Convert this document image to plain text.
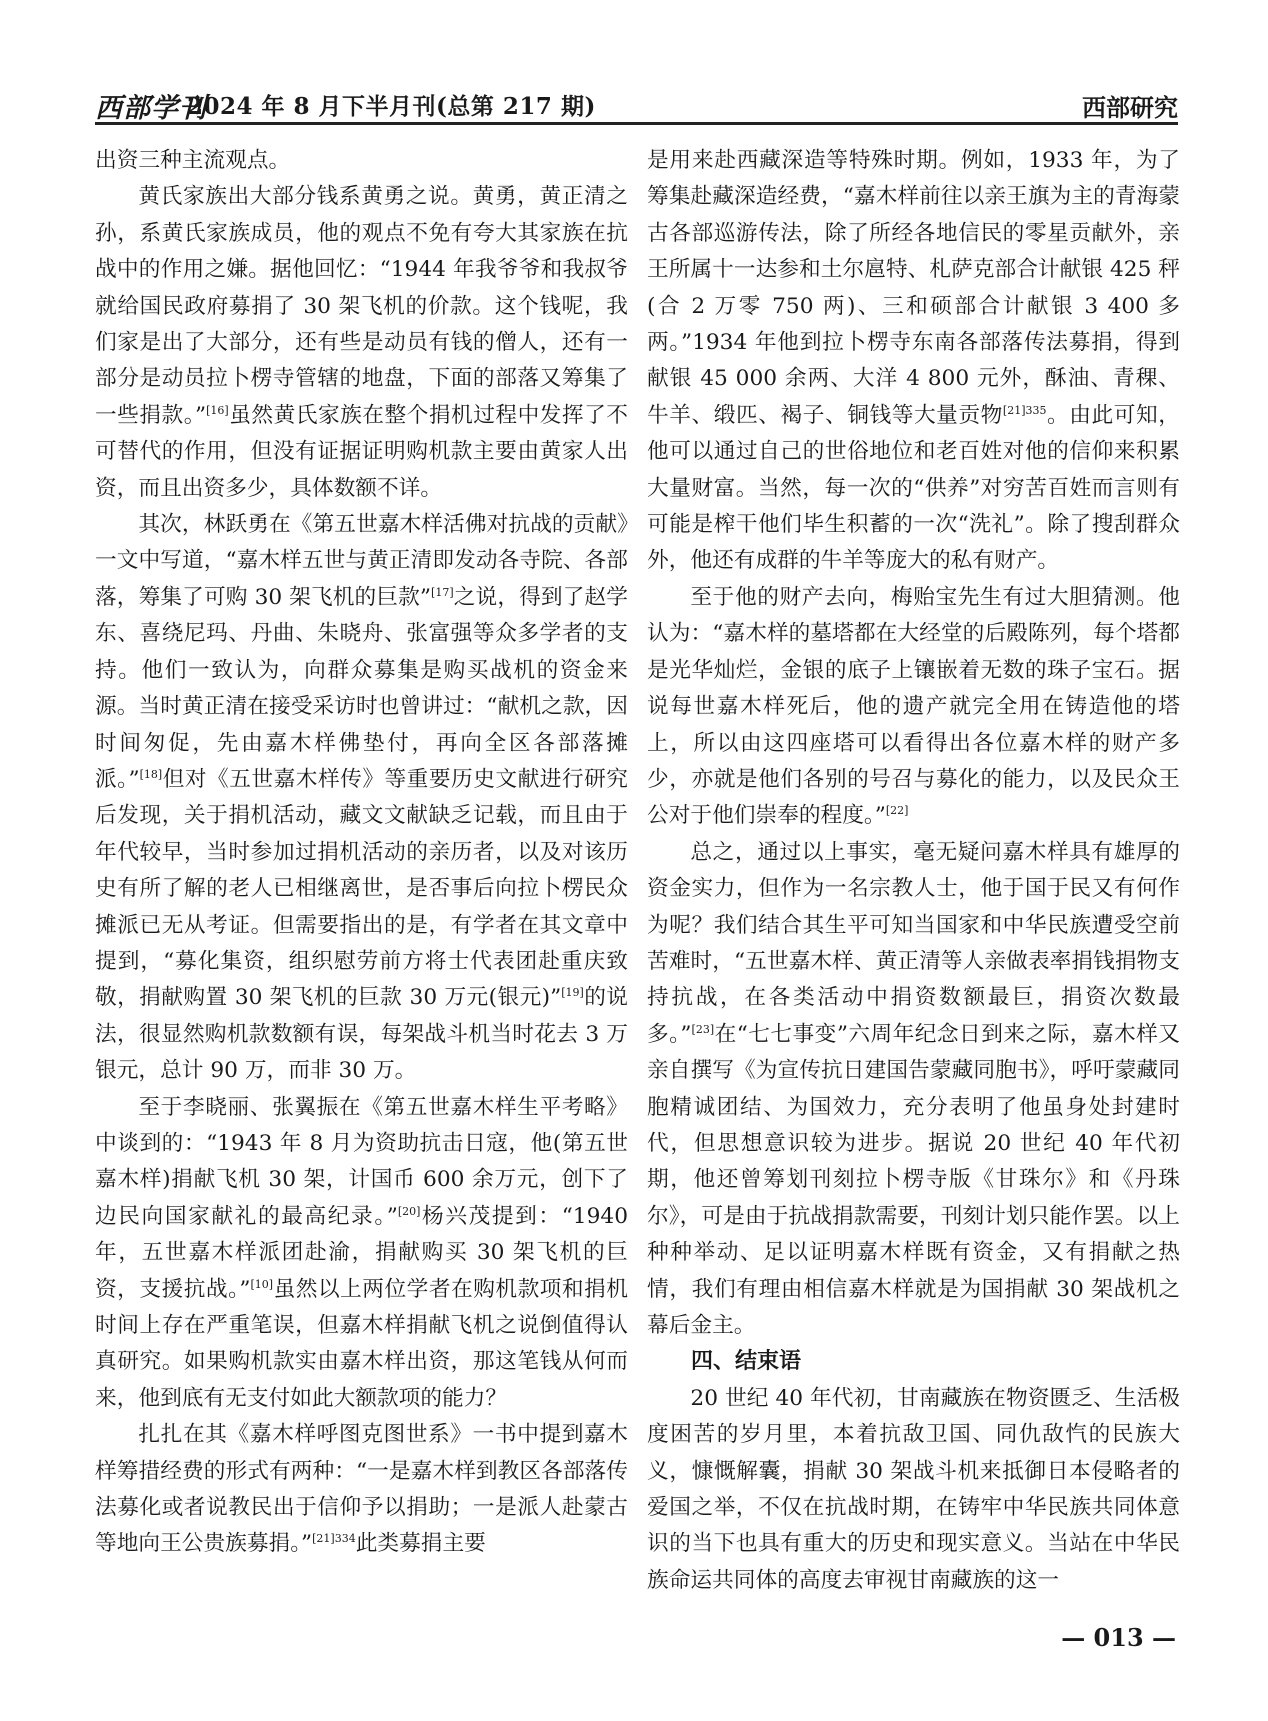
西部学刊
2024 年 8 月下半月刊(总第 217 期)	西部研究

出资三种主流观点。

黄氏家族出大部分钱系黄勇之说。黄勇，黄正清之孙，系黄氏家族成员，他的观点不免有夸大其家族在抗战中的作用之嫌。据他回忆：“1944 年我爷爷和我叔爷就给国民政府募捐了 30 架飞机的价款。这个钱呢，我们家是出了大部分，还有些是动员有钱的僧人，还有一部分是动员拉卜楞寺管辖的地盘，下面的部落又筹集了一些捐款。”[16]虽然黄氏家族在整个捐机过程中发挥了不可替代的作用，但没有证据证明购机款主要由黄家人出资，而且出资多少，具体数额不详。

其次，林跃勇在《第五世嘉木样活佛对抗战的贡献》一文中写道，“嘉木样五世与黄正清即发动各寺院、各部落，筹集了可购 30 架飞机的巨款”[17]之说，得到了赵学东、喜绕尼玛、丹曲、朱晓舟、张富强等众多学者的支持。他们一致认为，向群众募集是购买战机的资金来源。当时黄正清在接受采访时也曾讲过：“献机之款，因时间匆促，先由嘉木样佛垫付，再向全区各部落摊派。”[18]但对《五世嘉木样传》等重要历史文献进行研究后发现，关于捐机活动，藏文文献缺乏记载，而且由于年代较早，当时参加过捐机活动的亲历者，以及对该历史有所了解的老人已相继离世，是否事后向拉卜楞民众摊派已无从考证。但需要指出的是，有学者在其文章中提到，“募化集资，组织慰劳前方将士代表团赴重庆致敬，捐献购置 30 架飞机的巨款 30 万元(银元)”[19]的说法，很显然购机款数额有误，每架战斗机当时花去 3 万银元，总计 90 万，而非 30 万。

至于李晓丽、张翼振在《第五世嘉木样生平考略》中谈到的：“1943 年 8 月为资助抗击日寇，他(第五世嘉木样)捐献飞机 30 架，计国币 600 余万元，创下了边民向国家献礼的最高纪录。”[20]杨兴茂提到：“1940 年，五世嘉木样派团赴渝，捐献购买 30 架飞机的巨资，支援抗战。”[10]虽然以上两位学者在购机款项和捐机时间上存在严重笔误，但嘉木样捐献飞机之说倒值得认真研究。如果购机款实由嘉木样出资，那这笔钱从何而来，他到底有无支付如此大额款项的能力？

扎扎在其《嘉木样呼图克图世系》一书中提到嘉木样筹措经费的形式有两种：“一是嘉木样到教区各部落传法募化或者说教民出于信仰予以捐助；一是派人赴蒙古等地向王公贵族募捐。”$^{[21]334}$此类募捐主要

是用来赴西藏深造等特殊时期。例如，1933 年，为了筹集赴藏深造经费，“嘉木样前往以亲王旗为主的青海蒙古各部巡游传法，除了所经各地信民的零星贡献外，亲王所属十一达参和土尔扈特、札萨克部合计献银 425 秤(合 2 万零 750 两)、三和硕部合计献银 3 400 多两。”1934 年他到拉卜楞寺东南各部落传法募捐，得到献银 45 000 余两、大洋 4 800 元外，酥油、青稞、牛羊、缎匹、褐子、铜钱等大量贡物$^{[21]335}$。由此可知，他可以通过自己的世俗地位和老百姓对他的信仰来积累大量财富。当然，每一次的“供养”对穷苦百姓而言则有可能是榨干他们毕生积蓄的一次“洗礼”。除了搜刮群众外，他还有成群的牛羊等庞大的私有财产。

至于他的财产去向，梅贻宝先生有过大胆猜测。他认为：“嘉木样的墓塔都在大经堂的后殿陈列，每个塔都是光华灿烂，金银的底子上镶嵌着无数的珠子宝石。据说每世嘉木样死后，他的遗产就完全用在铸造他的塔上，所以由这四座塔可以看得出各位嘉木样的财产多少，亦就是他们各别的号召与募化的能力，以及民众王公对于他们崇奉的程度。”[22]

总之，通过以上事实，毫无疑问嘉木样具有雄厚的资金实力，但作为一名宗教人士，他于国于民又有何作为呢？我们结合其生平可知当国家和中华民族遭受空前苦难时，“五世嘉木样、黄正清等人亲做表率捐钱捐物支持抗战，在各类活动中捐资数额最巨，捐资次数最多。”[23]在“七七事变”六周年纪念日到来之际，嘉木样又亲自撰写《为宣传抗日建国告蒙藏同胞书》，呼吁蒙藏同胞精诚团结、为国效力，充分表明了他虽身处封建时代，但思想意识较为进步。据说 20 世纪 40 年代初期，他还曾筹划刊刻拉卜楞寺版《甘珠尔》和《丹珠尔》，可是由于抗战捐款需要，刊刻计划只能作罢。以上种种举动、足以证明嘉木样既有资金，又有捐献之热情，我们有理由相信嘉木样就是为国捐献 30 架战机之幕后金主。

四、结束语

20 世纪 40 年代初，甘南藏族在物资匮乏、生活极度困苦的岁月里，本着抗敌卫国、同仇敌忾的民族大义，慷慨解囊，捐献 30 架战斗机来抵御日本侵略者的爱国之举，不仅在抗战时期，在铸牢中华民族共同体意识的当下也具有重大的历史和现实意义。当站在中华民族命运共同体的高度去审视甘南藏族的这一

— 013 —
